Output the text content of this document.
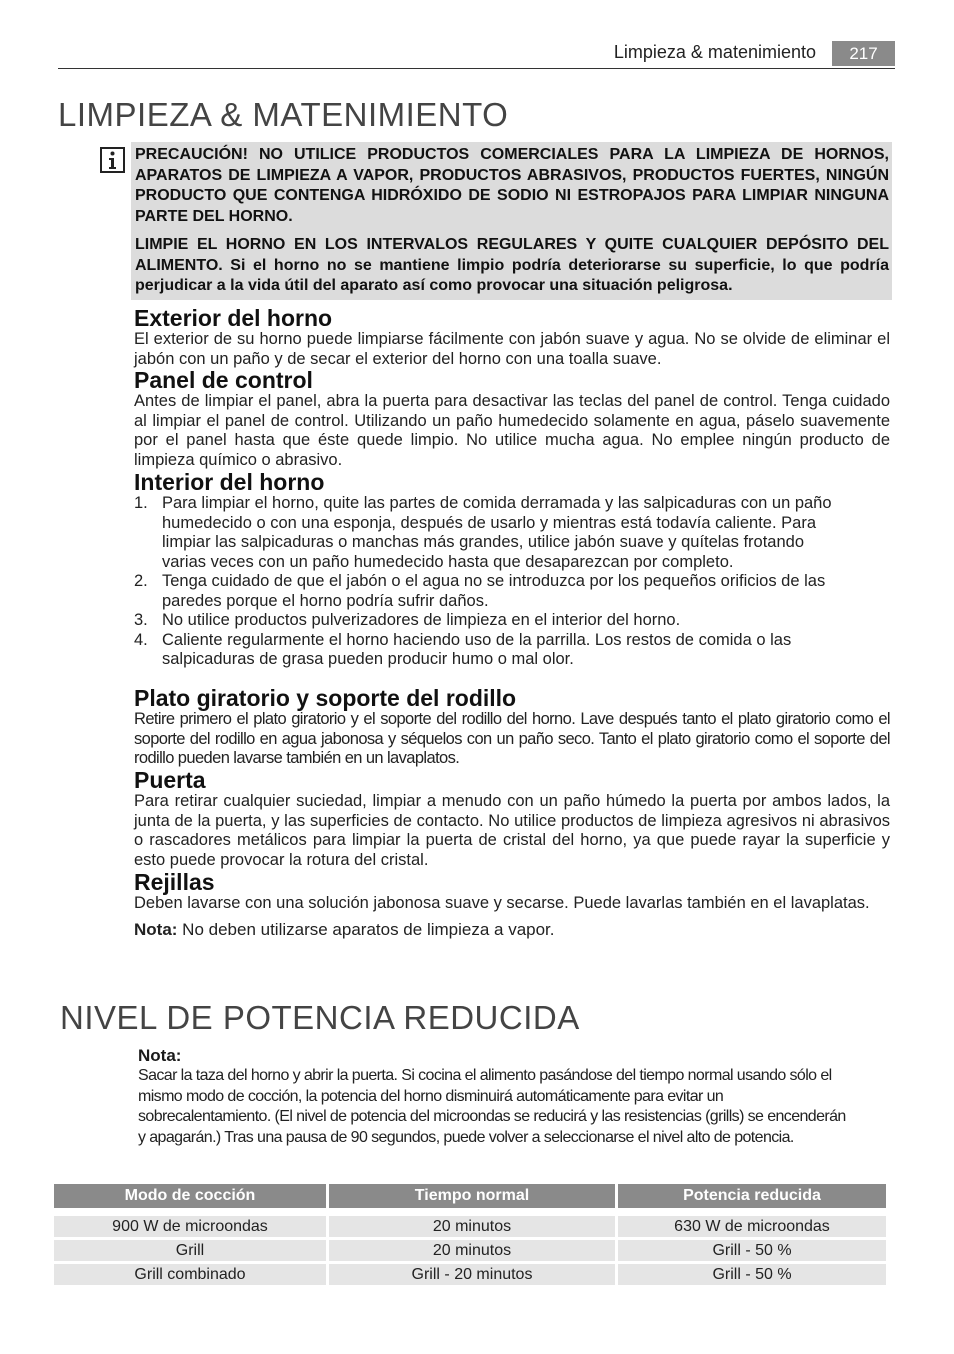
Limpieza & matenimiento	217
LIMPIEZA & MATENIMIENTO

PRECAUCIÓN! NO UTILICE PRODUCTOS COMERCIALES PARA LA LIMPIEZA DE HORNOS, APARATOS DE LIMPIEZA A VAPOR, PRODUCTOS ABRASIVOS, PRODUCTOS FUERTES, NINGÚN PRODUCTO QUE CONTENGA HIDRÓXIDO DE SODIO NI ESTROPAJOS PARA LIMPIAR NINGUNA PARTE DEL HORNO.

LIMPIE EL HORNO EN LOS INTERVALOS REGULARES Y QUITE CUALQUIER DEPÓSITO DEL ALIMENTO. Si el horno no se mantiene limpio podría deteriorarse su superficie, lo que podría perjudicar a la vida útil del aparato así como provocar una situación peligrosa.

Exterior del horno

El exterior de su horno puede limpiarse fácilmente con jabón suave y agua. No se olvide de eliminar el jabón con un paño y de secar el exterior del horno con una toalla suave.

Panel de control

Antes de limpiar el panel, abra la puerta para desactivar las teclas del panel de control. Tenga cuidado al limpiar el panel de control. Utilizando un paño humedecido solamente en agua, páselo suavemente por el panel hasta que éste quede limpio. No utilice mucha agua. No emplee ningún producto de limpieza químico o abrasivo.

Interior del horno
1. Para limpiar el horno, quite las partes de comida derramada y las salpicaduras con un paño humedecido o con una esponja, después de usarlo y mientras está todavía caliente. Para limpiar las salpicaduras o manchas más grandes, utilice jabón suave y quítelas frotando varias veces con un paño humedecido hasta que desaparezcan por completo.
2. Tenga cuidado de que el jabón o el agua no se introduzca por los pequeños orificios de las paredes porque el horno podría sufrir daños.
3. No utilice productos pulverizadores de limpieza en el interior del horno.
4. Caliente regularmente el horno haciendo uso de la parrilla. Los restos de comida o las salpicaduras de grasa pueden producir humo o mal olor.
Plato giratorio y soporte del rodillo

Retire primero el plato giratorio y el soporte del rodillo del horno. Lave después tanto el plato giratorio como el soporte del rodillo en agua jabonosa y séquelos con un paño seco. Tanto el plato giratorio como el soporte del rodillo pueden lavarse también en un lavaplatos.

Puerta

Para retirar cualquier suciedad, limpiar a menudo con un paño húmedo la puerta por ambos lados, la junta de la puerta, y las superficies de contacto. No utilice productos de limpieza agresivos ni abrasivos o rascadores metálicos para limpiar la puerta de cristal del horno, ya que puede rayar la superficie y esto puede provocar la rotura del cristal.

Rejillas

Deben lavarse con una solución jabonosa suave y secarse. Puede lavarlas también en el lavaplatas.

Nota: No deben utilizarse aparatos de limpieza a vapor.

NIVEL DE POTENCIA REDUCIDA

Nota:

Sacar la taza del horno y abrir la puerta. Si cocina el alimento pasándose del tiempo normal usando sólo el mismo modo de cocción, la potencia del horno disminuirá automáticamente para evitar un sobrecalentamiento. (El nivel de potencia del microondas se reducirá y las resistencias (grills) se encenderán y apagarán.) Tras una pausa de 90 segundos, puede volver a seleccionarse el nivel alto de potencia.

Modo de cocción	Tiempo normal	Potencia reducida

900 W de microondas	20 minutos	630 W de microondas
Grill	20 minutos	Grill - 50 %
Grill combinado	Grill - 20 minutos	Grill - 50 %
